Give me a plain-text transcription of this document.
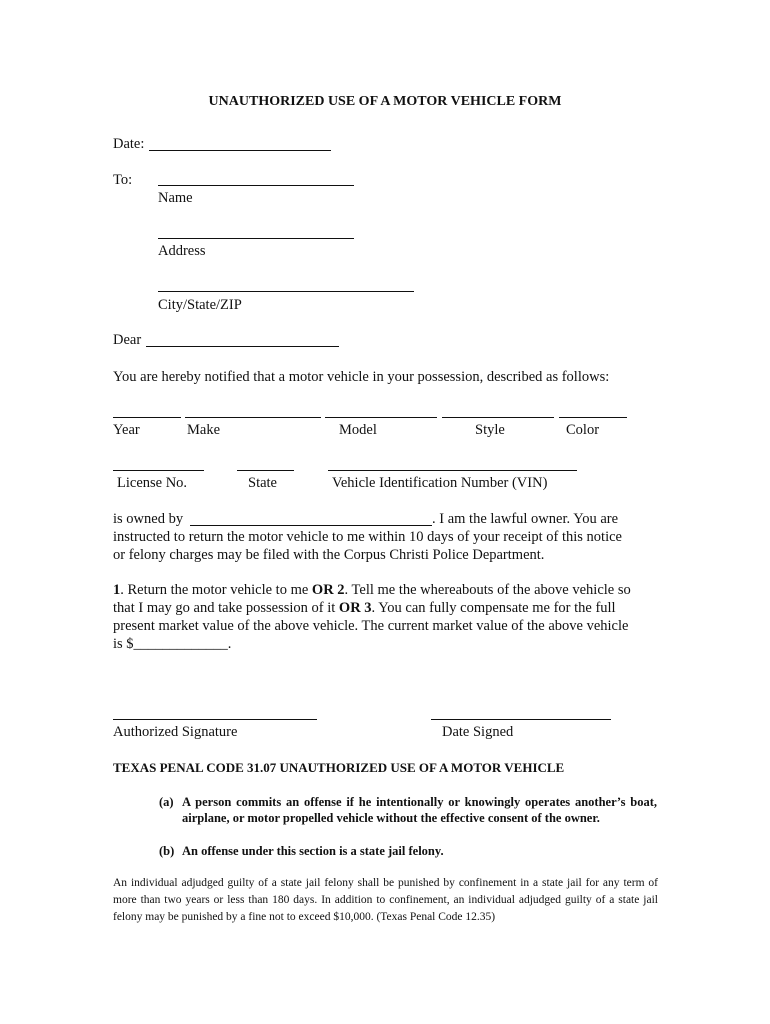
UNAUTHORIZED USE OF A MOTOR VEHICLE FORM
Date:
To:
Name
Address
City/State/ZIP
Dear
You are hereby notified that a motor vehicle in your possession, described as follows:
Year	Make	Model	Style	Color
License No.	State	Vehicle Identification Number (VIN)
is owned by	. I am the lawful owner. You are
instructed to return the motor vehicle to me within 10 days of your receipt of this notice
or felony charges may be filed with the Corpus Christi Police Department.
1. Return the motor vehicle to me OR 2. Tell me the whereabouts of the above vehicle so
that I may go and take possession of it OR 3. You can fully compensate me for the full
present market value of the above vehicle. The current market value of the above vehicle
is $_____________.
Authorized Signature	Date Signed
TEXAS PENAL CODE 31.07 UNAUTHORIZED USE OF A MOTOR VEHICLE
(a) A person commits an offense if he intentionally or knowingly operates another’s boat, airplane, or motor propelled vehicle without the effective consent of the owner.
(b) An offense under this section is a state jail felony.
An individual adjudged guilty of a state jail felony shall be punished by confinement in a state jail for any term of more than two years or less than 180 days. In addition to confinement, an individual adjudged guilty of a state jail felony may be punished by a fine not to exceed $10,000. (Texas Penal Code 12.35)
